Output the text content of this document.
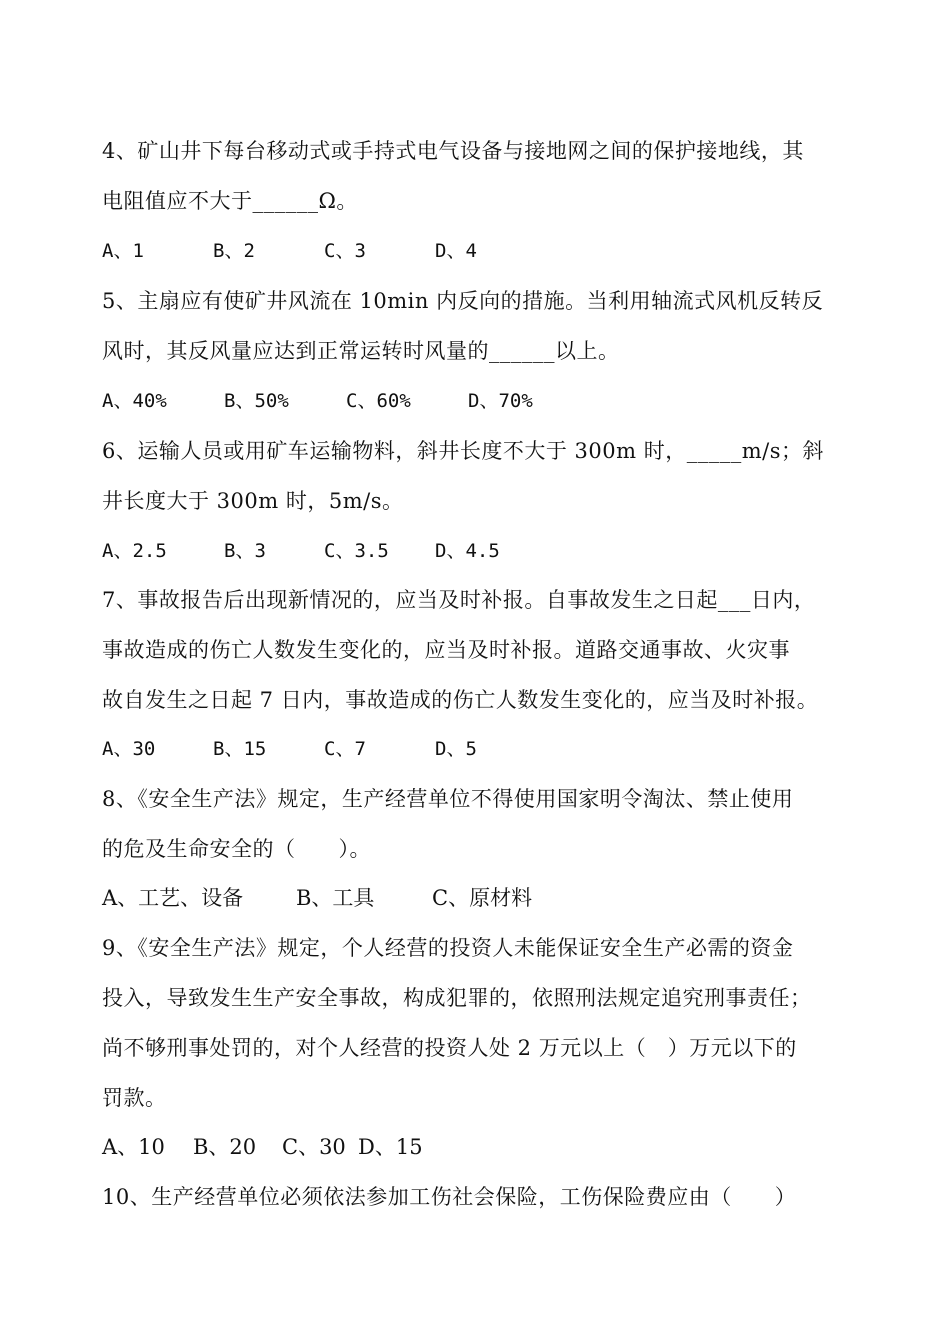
4、矿山井下每台移动式或手持式电气设备与接地网之间的保护接地线，其
电阻值应不大于______Ω。
A、1	B、2	C、3	D、4
5、主扇应有使矿井风流在 10min 内反向的措施。当利用轴流式风机反转反
风时，其反风量应达到正常运转时风量的______以上。
A、40%	B、50%	C、60%	D、70%
6、运输人员或用矿车运输物料，斜井长度不大于 300m 时，_____m/s；斜
井长度大于 300m 时，5m/s。
A、2.5	B、3	C、3.5 D、4.5
7、事故报告后出现新情况的，应当及时补报。自事故发生之日起___日内，
事故造成的伤亡人数发生变化的，应当及时补报。道路交通事故、火灾事
故自发生之日起 7 日内，事故造成的伤亡人数发生变化的，应当及时补报。
A、30	B、15	C、7	D、5
8、《安全生产法》规定，生产经营单位不得使用国家明令淘汰、禁止使用
的危及生命安全的（　　）。
A、工艺、设备	B、工具	C、原材料
9、《安全生产法》规定，个人经营的投资人未能保证安全生产必需的资金
投入，导致发生生产安全事故，构成犯罪的，依照刑法规定追究刑事责任；
尚不够刑事处罚的，对个人经营的投资人处 2 万元以上（　）万元以下的
罚款。
A、10 B、20 C、30 D、15
10、生产经营单位必须依法参加工伤社会保险，工伤保险费应由（　　）
